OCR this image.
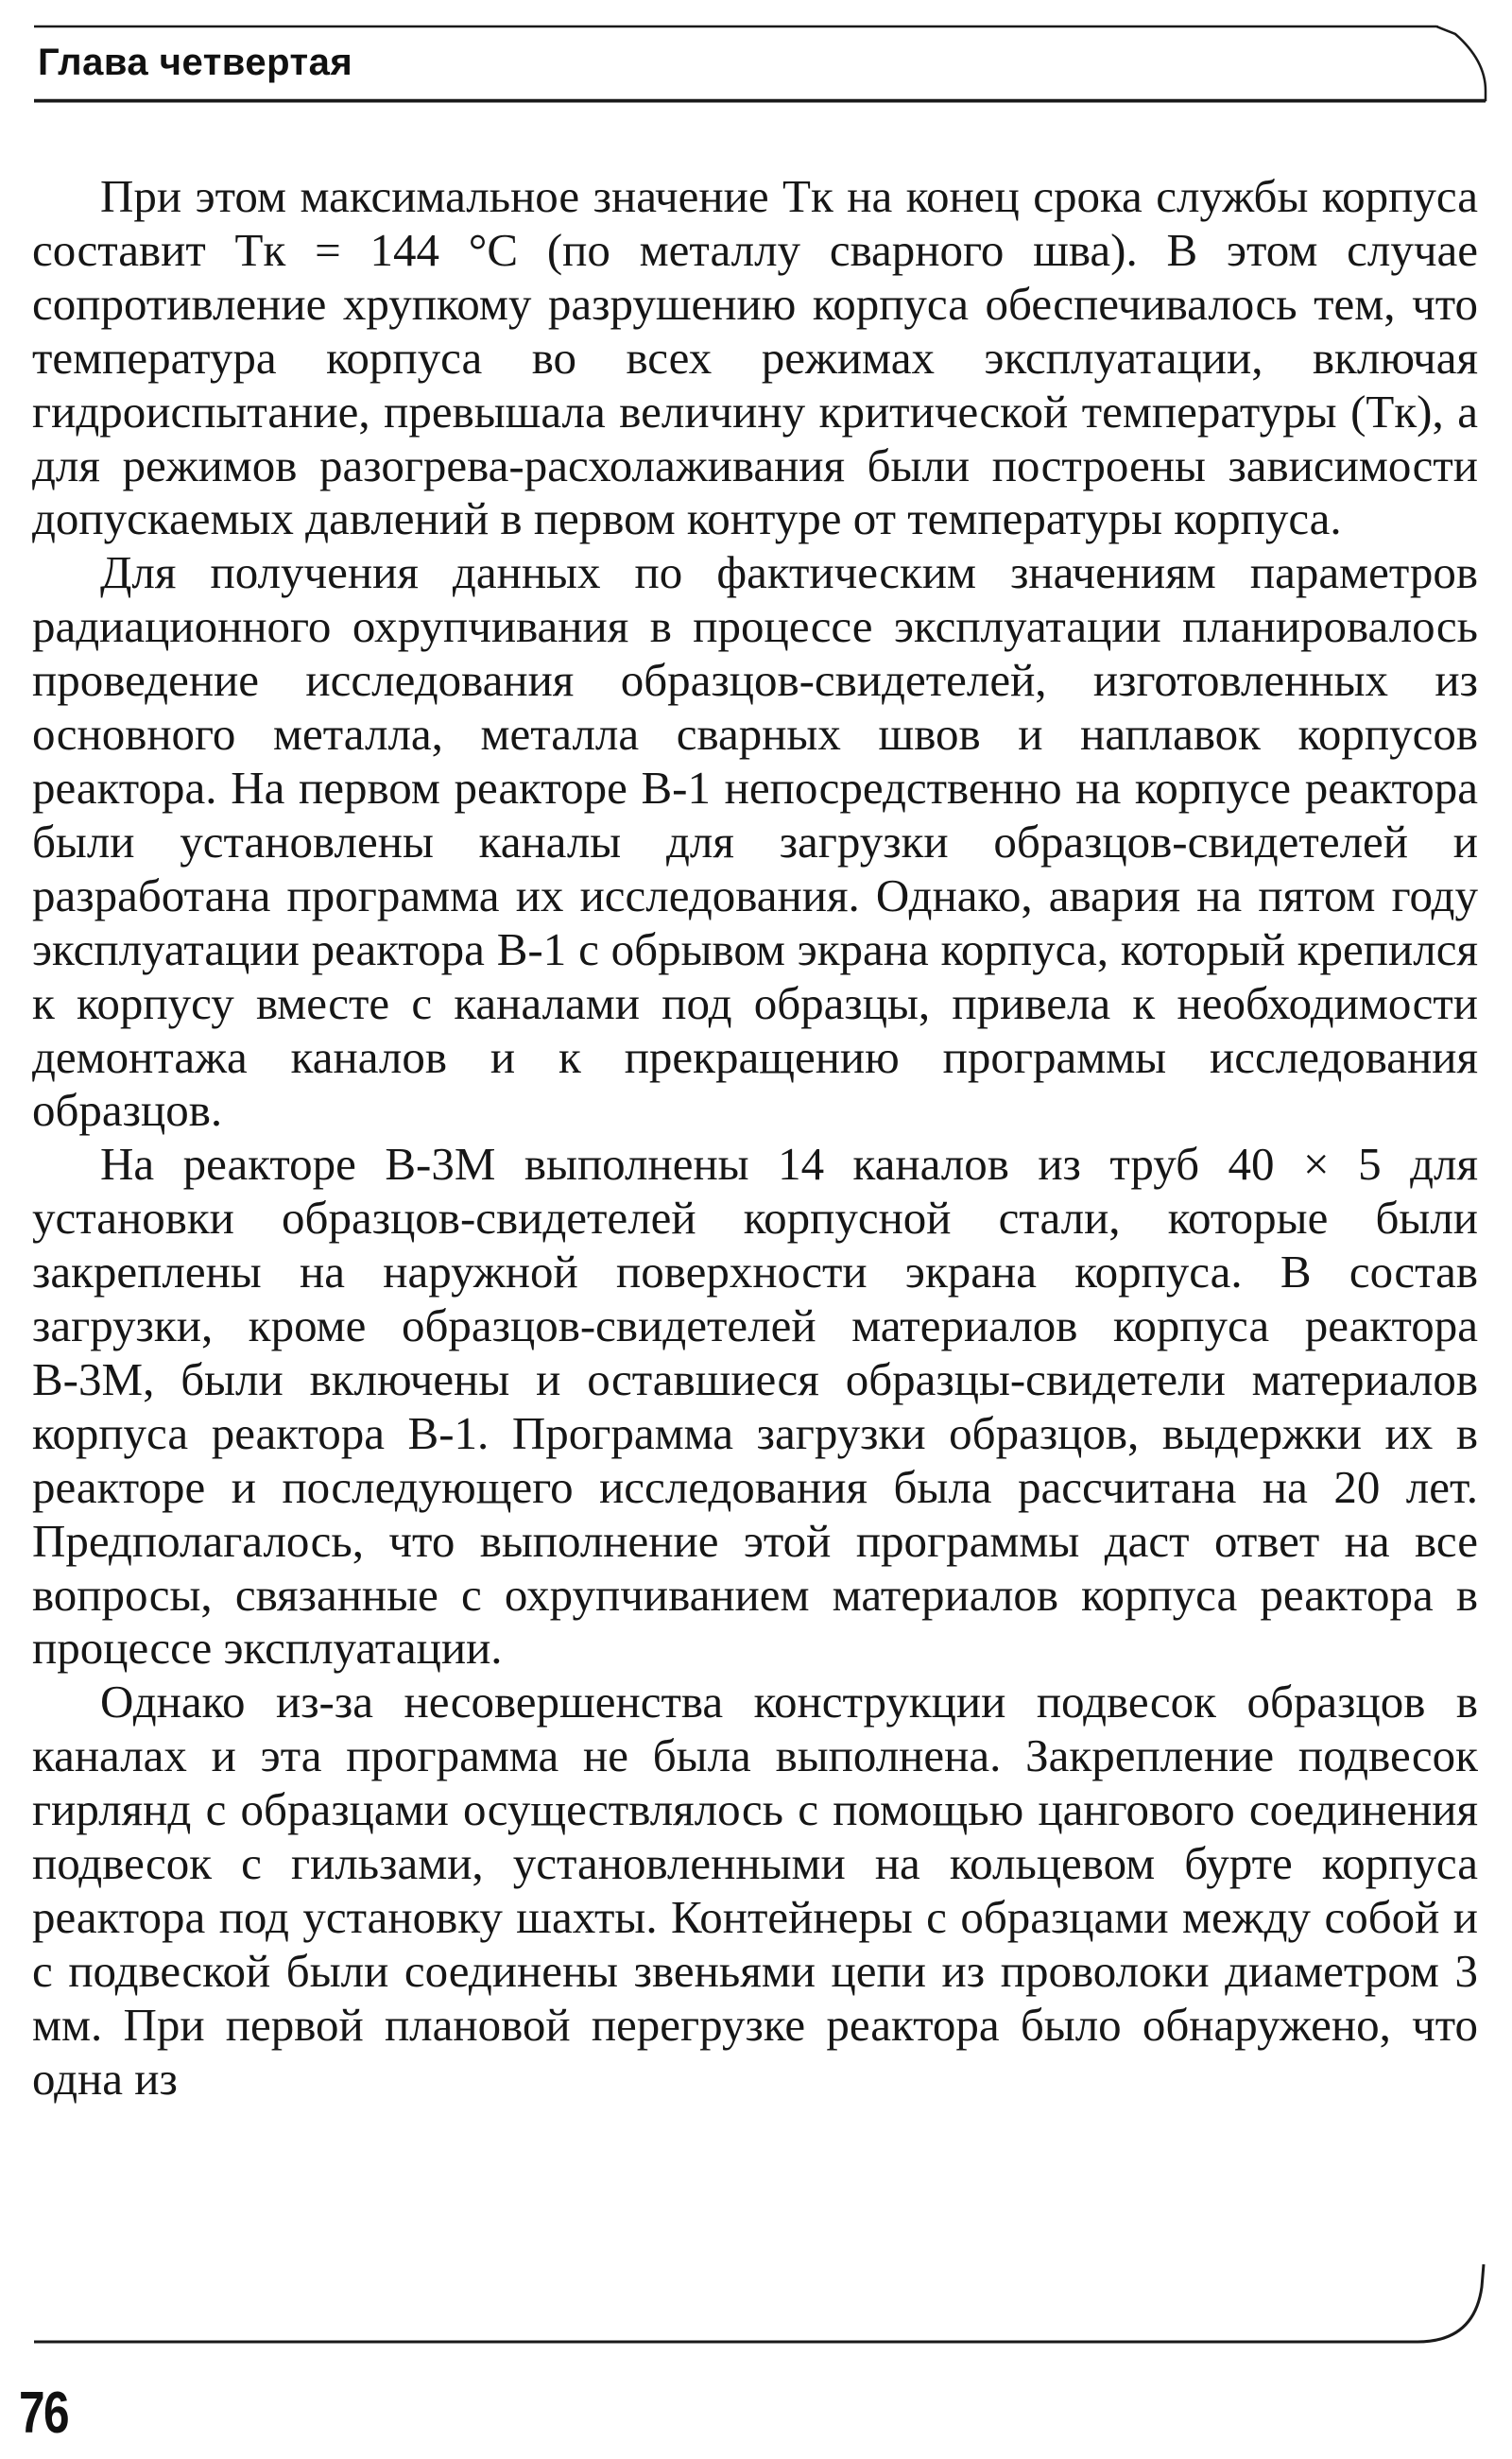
Глава четвертая

При этом максимальное значение Tк на конец срока службы корпуса составит Tк = 144 °C (по металлу сварного шва). В этом случае сопротивление хрупкому разрушению корпуса обеспечивалось тем, что температура корпуса во всех режимах эксплуатации, включая гидроиспытание, превышала величину критической температуры (Tк), а для режимов разогрева-расхолаживания были построены зависимости допускаемых давлений в первом контуре от температуры корпуса.

Для получения данных по фактическим значениям параметров радиационного охрупчивания в процессе эксплуатации планировалось проведение исследования образцов-свидетелей, изготовленных из основного металла, металла сварных швов и наплавок корпусов реактора. На первом реакторе В-1 непосредственно на корпусе реактора были установлены каналы для загрузки образцов-свидетелей и разработана программа их исследования. Однако, авария на пятом году эксплуатации реактора В-1 с обрывом экрана корпуса, который крепился к корпусу вместе с каналами под образцы, привела к необходимости демонтажа каналов и к прекращению программы исследования образцов.

На реакторе В-3М выполнены 14 каналов из труб 40 × 5 для установки образцов-свидетелей корпусной стали, которые были закреплены на наружной поверхности экрана корпуса. В состав загрузки, кроме образцов-свидетелей материалов корпуса реактора В-3М, были включены и оставшиеся образцы-свидетели материалов корпуса реактора В-1. Программа загрузки образцов, выдержки их в реакторе и последующего исследования была рассчитана на 20 лет. Предполагалось, что выполнение этой программы даст ответ на все вопросы, связанные с охрупчиванием материалов корпуса реактора в процессе эксплуатации.

Однако из-за несовершенства конструкции подвесок образцов в каналах и эта программа не была выполнена. Закрепление подвесок гирлянд с образцами осуществлялось с помощью цангового соединения подвесок с гильзами, установленными на кольцевом бурте корпуса реактора под установку шахты. Контейнеры с образцами между собой и с подвеской были соединены звеньями цепи из проволоки диаметром 3 мм. При первой плановой перегрузке реактора было обнаружено, что одна из

76
